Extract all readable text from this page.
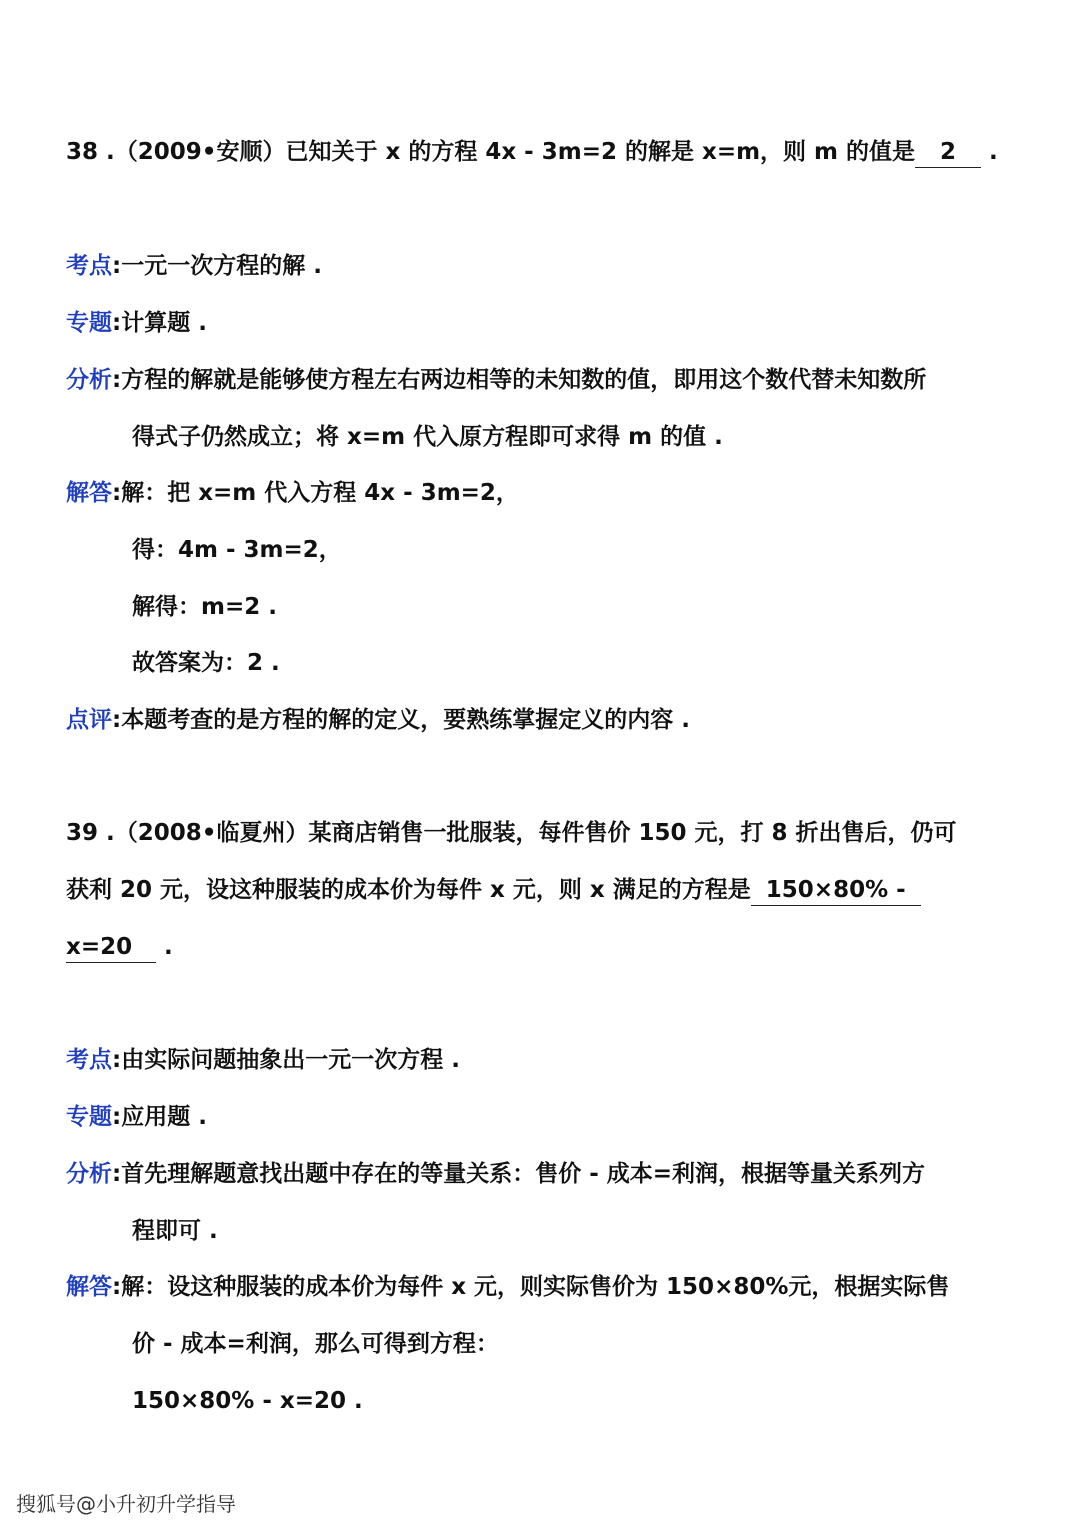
38 .（2009•安顺）已知关于 x 的方程 4x - 3m=2 的解是 x=m，则 m 的值是 2 .
考点:一元一次方程的解 .
专题:计算题 .
分析:方程的解就是能够使方程左右两边相等的未知数的值，即用这个数代替未知数所
得式子仍然成立；将 x=m 代入原方程即可求得 m 的值 .
解答:解：把 x=m 代入方程 4x - 3m=2，
得：4m - 3m=2，
解得：m=2 .
故答案为：2 .
点评:本题考查的是方程的解的定义，要熟练掌握定义的内容 .
39 .（2008•临夏州）某商店销售一批服装，每件售价 150 元，打 8 折出售后，仍可
获利 20 元，设这种服装的成本价为每件 x 元，则 x 满足的方程是 150×80% -
x=20 .
考点:由实际问题抽象出一元一次方程 .
专题:应用题 .
分析:首先理解题意找出题中存在的等量关系：售价 - 成本=利润，根据等量关系列方
程即可 .
解答:解：设这种服装的成本价为每件 x 元，则实际售价为 150×80%元，根据实际售
价 - 成本=利润，那么可得到方程：
150×80% - x=20 .
搜狐号@小升初升学指导
